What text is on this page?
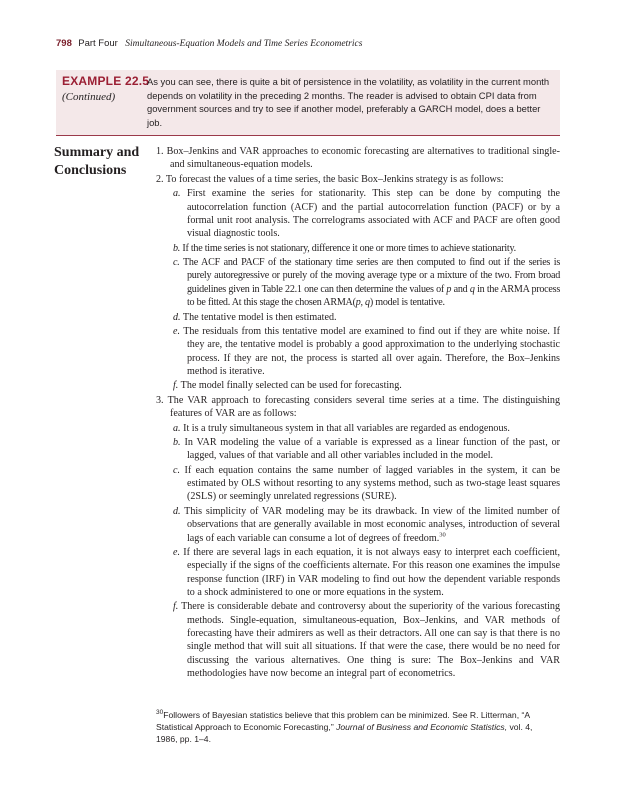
798 Part Four Simultaneous-Equation Models and Time Series Econometrics
EXAMPLE 22.5
(Continued)
As you can see, there is quite a bit of persistence in the volatility, as volatility in the current month depends on volatility in the preceding 2 months. The reader is advised to obtain CPI data from government sources and try to see if another model, preferably a GARCH model, does a better job.
Summary and
Conclusions

1. Box–Jenkins and VAR approaches to economic forecasting are alternatives to traditional single- and simultaneous-equation models.

2. To forecast the values of a time series, the basic Box–Jenkins strategy is as follows:

a. First examine the series for stationarity. This step can be done by computing the autocorrelation function (ACF) and the partial autocorrelation function (PACF) or by a formal unit root analysis. The correlograms associated with ACF and PACF are often good visual diagnostic tools.

b. If the time series is not stationary, difference it one or more times to achieve stationarity.

c. The ACF and PACF of the stationary time series are then computed to find out if the series is purely autoregressive or purely of the moving average type or a mixture of the two. From broad guidelines given in Table 22.1 one can then determine the values of p and q in the ARMA process to be fitted. At this stage the chosen ARMA(p, q) model is tentative.

d. The tentative model is then estimated.

e. The residuals from this tentative model are examined to find out if they are white noise. If they are, the tentative model is probably a good approximation to the underlying stochastic process. If they are not, the process is started all over again. Therefore, the Box–Jenkins method is iterative.

f. The model finally selected can be used for forecasting.

3. The VAR approach to forecasting considers several time series at a time. The distinguishing features of VAR are as follows:

a. It is a truly simultaneous system in that all variables are regarded as endogenous.

b. In VAR modeling the value of a variable is expressed as a linear function of the past, or lagged, values of that variable and all other variables included in the model.

c. If each equation contains the same number of lagged variables in the system, it can be estimated by OLS without resorting to any systems method, such as two-stage least squares (2SLS) or seemingly unrelated regressions (SURE).

d. This simplicity of VAR modeling may be its drawback. In view of the limited number of observations that are generally available in most economic analyses, introduction of several lags of each variable can consume a lot of degrees of freedom.$^{30}$

e. If there are several lags in each equation, it is not always easy to interpret each coefficient, especially if the signs of the coefficients alternate. For this reason one examines the impulse response function (IRF) in VAR modeling to find out how the dependent variable responds to a shock administered to one or more equations in the system.

f. There is considerable debate and controversy about the superiority of the various forecasting methods. Single-equation, simultaneous-equation, Box–Jenkins, and VAR methods of forecasting have their admirers as well as their detractors. All one can say is that there is no single method that will suit all situations. If that were the case, there would be no need for discussing the various alternatives. One thing is sure: The Box–Jenkins and VAR methodologies have now become an integral part of econometrics.

$^{30}$Followers of Bayesian statistics believe that this problem can be minimized. See R. Litterman, “A Statistical Approach to Economic Forecasting,” Journal of Business and Economic Statistics, vol. 4, 1986, pp. 1–4.
